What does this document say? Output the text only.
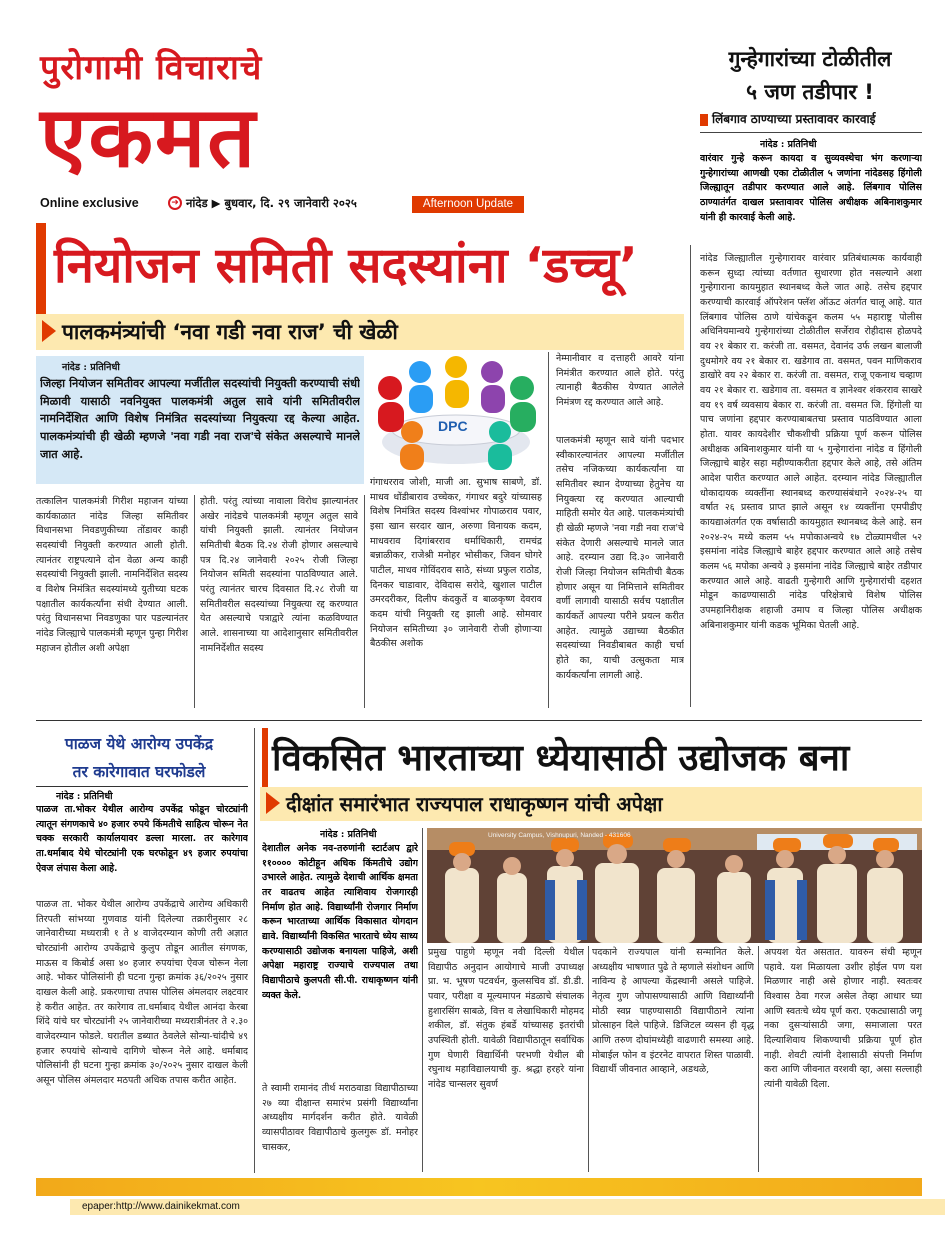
पुरोगामी विचाराचे
एकमत
Online exclusive	➜ नांदेड ▶ बुधवार, दि. २९ जानेवारी २०२५	Afternoon Update
गुन्हेगारांच्या टोळीतील
५ जण तडीपार !
लिंबगाव ठाण्याच्या प्रस्तावावर कारवाई
नांदेड : प्रतिनिधी
वारंवार गुन्हे करून कायदा व सुव्यवस्थेचा भंग करणाऱ्या गुन्हेगारांच्या आणखी एका टोळीतील ५ जणांना नांदेडसह हिंगोली जिल्ह्यातून तडीपार करण्यात आले आहे. लिंबगाव पोलिस ठाण्यातंर्गत दाखल प्रस्तावावर पोलिस अधीक्षक अबिनाशकुमार यांनी ही कारवाई केली आहे.
नांदेड जिल्ह्यातील गुन्हेगारावर वारंवार प्रतिबंधात्मक कार्यवाही करून सुध्दा त्यांच्या वर्तणात सुधारणा होत नसल्याने अशा गुन्हेगाराना कायमुहात स्थानबध्द केले जात आहे. तसेच हद्दपार करण्याची कारवाई ऑपरेशन फ्लॅश ऑऊट अंतर्गत चालू आहे. यात लिंबगाव पोलिस ठाणे यांचेकडून कलम ५५ महाराष्ट्र पोलीस अधिनियमान्वये गुन्हेगारांच्या टोळीतील सर्जेराव रोहीदास होळपदे वय २१ बेकार रा. करंजी ता. वसमत, देवानंद उर्फ लखन बालाजी दुधमोगरे वय २१ बेकार रा. खडेगाव ता. वसमत, पवन माणिकराव डाखोरे वय २२ बेकार रा. करंजी ता. वसमत, राजू एकनाथ चव्हाण वय २१ बेकार रा. खडेगाव ता. वसमत व ज्ञानेश्वर शंकरराव साखरे वय १९ वर्ष व्यवसाय बेकार रा. करंजी ता. वसमत जि. हिंगोली या पाच जणांना हद्दपार करण्याबाबतचा प्रस्ताव पाठविण्यात आला होता. यावर कायदेशीर चौकशीची प्रक्रिया पूर्ण करून पोलिस अधीक्षक अबिनाशकुमार यांनी या ५ गुन्हेगारांना नांदेड व हिंगोली जिल्ह्याचे बाहेर सहा महीण्याकरीता हद्दपार केले आहे, तसे अंतिम आदेश पारीत करण्यात आले आहेत. दरम्यान नांदेड जिल्ह्यातील धोकादायक व्यक्तींना स्थानबध्द करण्यासंबंधाने २०२४-२५ या वर्षात २६ प्रस्ताव प्राप्त झाले असून १४ व्यक्तींना एमपीडीए कायद्याअंतर्गत एक वर्षासाठी कायमुहात स्थानबध्द केले आहे. सन २०२४-२५ मध्ये कलम ५५ मपोकाअन्वये १७ टोळ्यामधील ५२ इसमांना नांदेड जिल्ह्याचे बाहेर हद्दपार करण्यात आले आहे तसेच कलम ५६ मपोका अन्वये ३ इसमांना नांदेड जिल्ह्याचे बाहेर तडीपार करण्यात आले आहे. वाढती गुन्हेगारी आणि गुन्हेगारांची दहशत मोडून काढण्यासाठी नांदेड परिक्षेत्राचे विशेष पोलिस उपमहानिरीक्षक शहाजी उमाप व जिल्हा पोलिस अधीक्षक अबिनाशकुमार यांनी कडक भूमिका घेतली आहे.
नियोजन समिती सदस्यांना ‘डच्चू’
पालकमंत्र्यांची ‘नवा गडी नवा राज’ ची खेळी
नांदेड : प्रतिनिधी
जिल्हा नियोजन समितीवर आपल्या मर्जीतील सदस्यांची नियुक्ती करण्याची संधी मिळावी यासाठी नवनियुक्त पालकमंत्री अतुल सावे यांनी समितीवरील नामनिर्देशित आणि विशेष निमंत्रित सदस्यांच्या नियुक्त्या रद्द केल्या आहेत. पालकमंत्र्यांची ही खेळी म्हणजे 'नवा गडी नवा राज'चे संकेत असल्याचे मानले जात आहे.
DPC
तत्कालिन पालकमंत्री गिरीश महाजन यांच्या कार्यकाळात नांदेड जिल्हा समितीवर विधानसभा निवडणुकीच्या तोंडावर काही सदस्यांची नियुक्ती करण्यात आली होती. त्यानंतर राष्ट्रपत्याने दोन वेळा अन्य काही सदस्यांची नियुक्ती झाली. नामनिर्देशित सदस्य व विशेष निमंत्रित सदस्यांमध्ये युतीच्या घटक पक्षातील कार्यकर्त्यांना संधी देण्यात आली. परंतु विधानसभा निवडणुका पार पडल्यानंतर नांदेड जिल्ह्याचे पालकमंत्री म्हणून पुन्हा गिरीश महाजन होतील अशी अपेक्षा
होती. परंतु त्यांच्या नावाला विरोध झाल्यानंतर अखेर नांदेडचे पालकमंत्री म्हणून अतुल सावे यांची नियुक्ती झाली. त्यानंतर नियोजन समितीची बैठक दि.२४ रोजी होणार असल्याचे पत्र दि.२४ जानेवारी २०२५ रोजी जिल्हा नियोजन समिती सदस्यांना पाठविण्यात आले. परंतु त्यानंतर चारच दिवसात दि.२८ रोजी या समितीवरील सदस्यांच्या नियुक्त्या रद्द करण्यात येत असल्याचे पत्राद्वारे त्यांना कळविण्यात आले. शासनाच्या या आदेशानुसार समितीवरील नामनिर्देशीत सदस्य
गंगाधरराव जोशी, माजी आ. सुभाष साबणे, डॉ. माधव धोंडीबाराव उच्चेकर, गंगाधर बदुरे यांच्यासह विशेष निमंत्रित सदस्य विश्वांभर गोपाळराव पवार, इसा खान सरदार खान, अरुणा विनायक कदम, माधवराव दिगांबरराव धर्माधिकारी, रामचंद्र बन्नाळीकर, राजेश्री मनोहर भोसीकर, जिवन घोगरे पाटील, माधव गोविंदराव साठे, संध्या प्रफुल राठोड, दिनकर चाडावार, देविदास सरोदे, खुशाल पाटील उमरदरीकर, दिलीप कंदकुर्ते व बाळकृष्ण देवराव कदम यांची नियुक्ती रद्द झाली आहे. सोमवार नियोजन समितीच्या ३० जानेवारी रोजी होणाऱ्या बैठकीस अशोक
नेम्मानीवार व दत्ताहरी आवरे यांना निमंत्रीत करण्यात आले होते. परंतु त्यानाही बैठकीस येण्यात आलेले निमंत्रण रद्द करण्यात आले आहे.
पालकमंत्री म्हणून सावे यांनी पदभार स्वीकारल्यानंतर आपल्या मर्जीतील तसेच नजिकच्या कार्यकर्त्यांना या समितीवर स्थान देण्याच्या हेतुनेच या नियुक्त्या रद्द करण्यात आल्याची माहिती समोर येत आहे. पालकमंत्र्यांची ही खेळी म्हणजे 'नवा गडी नवा राज'चे संकेत देणारी असल्याचे मानले जात आहे. दरम्यान उद्या दि.३० जानेवारी रोजी जिल्हा नियोजन समितीची बैठक होणार असून या निमित्ताने समितीवर वर्णी लागावी यासाठी सर्वच पक्षातील कार्यकर्ते आपल्या परीने प्रयत्न करीत आहेत. त्यामुळे उद्याच्या बैठकीत सदस्यांच्या निवडीबाबत काही चर्चा होते का, याची उत्सुकता मात्र कार्यकर्त्यांना लागली आहे.
पाळज येथे आरोग्य उपकेंद्र
तर कारेगावात घरफोडले
नांदेड : प्रतिनिधी
पाळज ता.भोकर येथील आरोग्य उपकेंद्र फोडून चोरट्यांनी त्यातून संगणकाचे ४० हजार रुपये किंमतीचे साहित्य चोरून नेत चक्क सरकारी कार्यालयावर डल्ला मारला. तर कारेगाव ता.धर्माबाद येथे चोरट्यांनी एक घरफोडून ४९ हजार रुपयांचा ऐवज लंपास केला आहे.
पाळज ता. भोकर येथील आरोग्य उपकेंद्राचे आरोग्य अधिकारी तिरपती सांभय्या गुणवाड यांनी दिलेल्या तक्रारीनुसार २८ जानेवारीच्या मध्यरात्री १ ते ४ वाजेदरम्यान कोणी तरी अज्ञात चोरट्यांनी आरोग्य उपकेंद्राचे कुलुप तोडून आतील संगणक, माऊस व किबोर्ड असा ४० हजार रुपयांचा ऐवज चोरून नेला आहे. भोकर पोलिसांनी ही घटना गुन्हा क्रमांक ३६/२०२५ नुसार दाखल केली आहे. प्रकरणाचा तपास पोलिस अंमलदार लक्ष्टवार हे करीत आहेत. तर कारेगाव ता.धर्माबाद येथील आनंदा केरबा शिंदे यांचे घर चोरट्यांनी २५ जानेवारीच्या मध्यरात्रीनंतर ते २.३० वाजेदरम्यान फोडले. घरातील डब्यात ठेवलेले सोन्या-चांदीचे ४९ हजार रुपयांचे सोन्याचे दागिणे चोरून नेले आहे. धर्माबाद पोलिसांनी ही घटना गुन्हा क्रमांक ३०/२०२५ नुसार दाखल केली असून पोलिस अंमलदार मठपती अधिक तपास करीत आहेत.
विकसित भारताच्या ध्येयासाठी उद्योजक बना
दीक्षांत समारंभात राज्यपाल राधाकृष्णन यांची अपेक्षा
नांदेड : प्रतिनिधी
देशातील अनेक नव-तरुणांनी स्टार्टअप द्वारे ११०००० कोटीहून अधिक किंमतीचे उद्योग उभारले आहेत. त्यामुळे देशाची आर्थिक क्षमता तर वाढतच आहेत त्याशिवाय रोजगारही निर्माण होत आहे. विद्यार्थ्यांनी रोजगार निर्माण करून भारताच्या आर्थिक विकासात योगदान द्यावे. विद्यार्थ्यांनी विकसित भारताचे ध्येय साध्य करण्यासाठी उद्योजक बनायला पाहिजे, अशी अपेक्षा महाराष्ट्र राज्याचे राज्यपाल तथा विद्यापीठाचे कुलपती सी.पी. राधाकृष्णन यांनी व्यक्त केले.
ते स्वामी रामानंद तीर्थ मराठवाडा विद्यापीठाच्या २७ व्या दीक्षान्त समारंभ प्रसंगी विद्यार्थ्यांना अध्यक्षीय मार्गदर्शन करीत होते. यावेळी व्यासपीठावर विद्यापीठाचे कुलगुरू डॉ. मनोहर चासकर,
University Campus, Vishnupuri, Nanded - 431606
प्रमुख पाहुणे म्हणून नवी दिल्ली येथील विद्यापीठ अनुदान आयोगाचे माजी उपाध्यक्ष प्रा. भ. भूषण पटवर्धन, कुलसचिव डॉ. डी.डी. पवार, परीक्षा व मूल्यमापन मंडळाचे संचालक हुशारसिंग साबळे, वित्त व लेखाधिकारी मोहमद शकील, डॉ. संतुक हंबर्डे यांच्यासह इतरांची उपस्थिती होती. यावेळी विद्यापीठातून सर्वाधिक गुण घेणारी विद्यार्थिनी परभणी येथील बी रघुनाथ महाविद्यालयाची कु. श्रद्धा हरहरे यांना नांदेड चान्सलर सुवर्ण
पदकाने राज्यपाल यांनी सन्मानित केले. अध्यक्षीय भाषणात पुढे ते म्हणाले संशोधन आणि नाविन्य हे आपल्या केंद्रस्थानी असले पाहिजे. नेतृत्व गुण जोपासण्यासाठी आणि विद्यार्थ्यांनी मोठी स्वप्न पाहण्यासाठी विद्यापीठाने त्यांना प्रोत्साहन दिले पाहिजे. डिजिटल व्यसन ही वृद्ध आणि तरुण दोघांमध्येही वाढणारी समस्या आहे. मोबाईल फोन व इंटरनेट वापरात शिस्त पाळावी. विद्यार्थी जीवनात आव्हाने, अडथळे,
अपयश येत असतात. यावरुन संधी म्हणून पहावे. यश मिळायला उशीर होईल पण यश मिळणार नाही असे होणार नाही. स्वतःवर विश्वास ठेवा गरज असेल तेव्हा आधार घ्या आणि स्वतःचे ध्येय पूर्ण करा. एकट्यासाठी जगू नका दुसऱ्यांसाठी जगा, समाजाला परत दिल्याशिवाय शिकण्याची प्रक्रिया पूर्ण होत नाही. शेवटी त्यांनी देशासाठी संपत्ती निर्माण करा आणि जीवनात वरशवी व्हा, असा सल्लाही त्यांनी यावेळी दिला.
epaper:http://www.dainikekmat.com
